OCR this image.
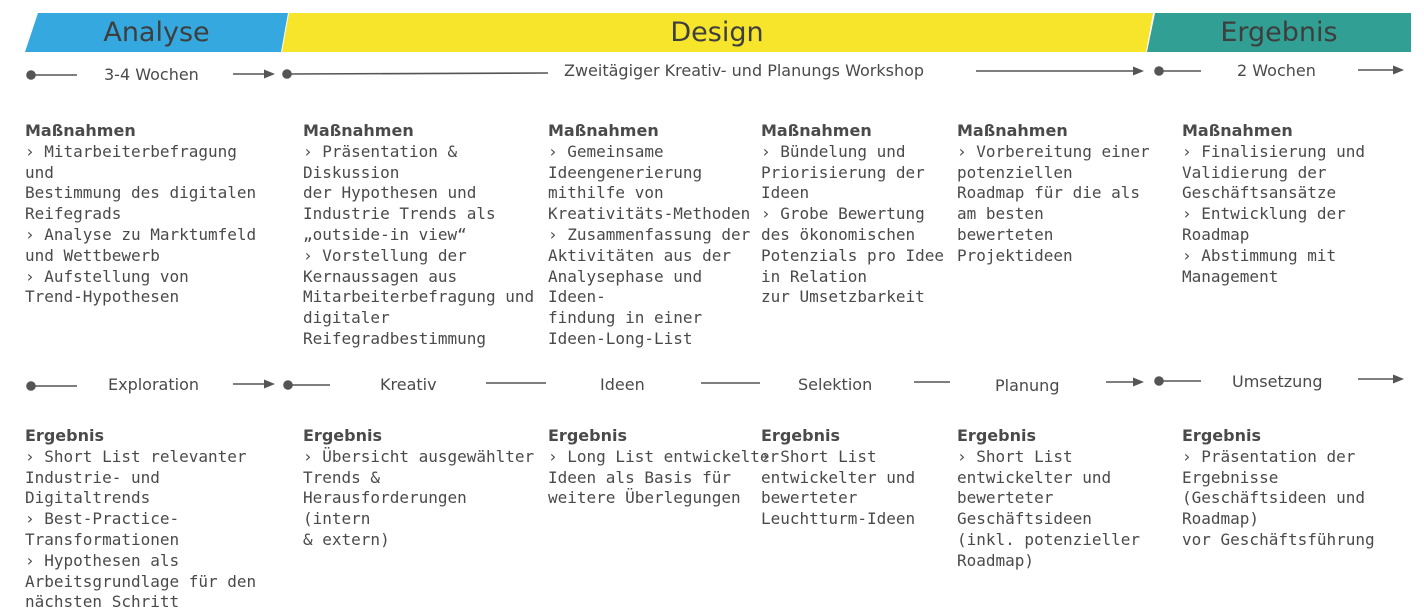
Analyse	Design	Ergebnis
3-4 Wochen	Zweitägiger Kreativ- und Planungs Workshop	2 Wochen
Exploration	Kreativ	Ideen	Selektion	Planung	Umsetzung
Maßnahmen
› Mitarbeiterbefragung und
Bestimmung des digitalen
Reifegrads
› Analyse zu Marktumfeld
und Wettbewerb
› Aufstellung von
Trend-Hypothesen
Maßnahmen
› Präsentation & Diskussion
der Hypothesen und
Industrie Trends als
„outside-in view“
› Vorstellung der
Kernaussagen aus
Mitarbeiterbefragung und
digitaler
Reifegradbestimmung
Maßnahmen
› Gemeinsame
Ideengenerierung
mithilfe von
Kreativitäts-Methoden
› Zusammenfassung der
Aktivitäten aus der
Analysephase und
Ideen-
findung in einer
Ideen-Long-List
Maßnahmen
› Bündelung und
Priorisierung der
Ideen
› Grobe Bewertung
des ökonomischen
Potenzials pro Idee
in Relation
zur Umsetzbarkeit
Maßnahmen
› Vorbereitung einer
potenziellen
Roadmap für die als
am besten
bewerteten
Projektideen
Maßnahmen
› Finalisierung und
Validierung der
Geschäftsansätze
› Entwicklung der
Roadmap
› Abstimmung mit
Management
Ergebnis
› Short List relevanter
Industrie- und Digitaltrends
› Best-Practice-
Transformationen
› Hypothesen als
Arbeitsgrundlage für den
nächsten Schritt
Ergebnis
› Übersicht ausgewählter
Trends &
Herausforderungen (intern
& extern)
Ergebnis
› Long List entwickelter
Ideen als Basis für
weitere Überlegungen
Ergebnis
› Short List
entwickelter und
bewerteter
Leuchtturm-Ideen
Ergebnis
› Short List
entwickelter und
bewerteter
Geschäftsideen
(inkl. potenzieller
Roadmap)
Ergebnis
› Präsentation der
Ergebnisse
(Geschäftsideen und
Roadmap)
vor Geschäftsführung
